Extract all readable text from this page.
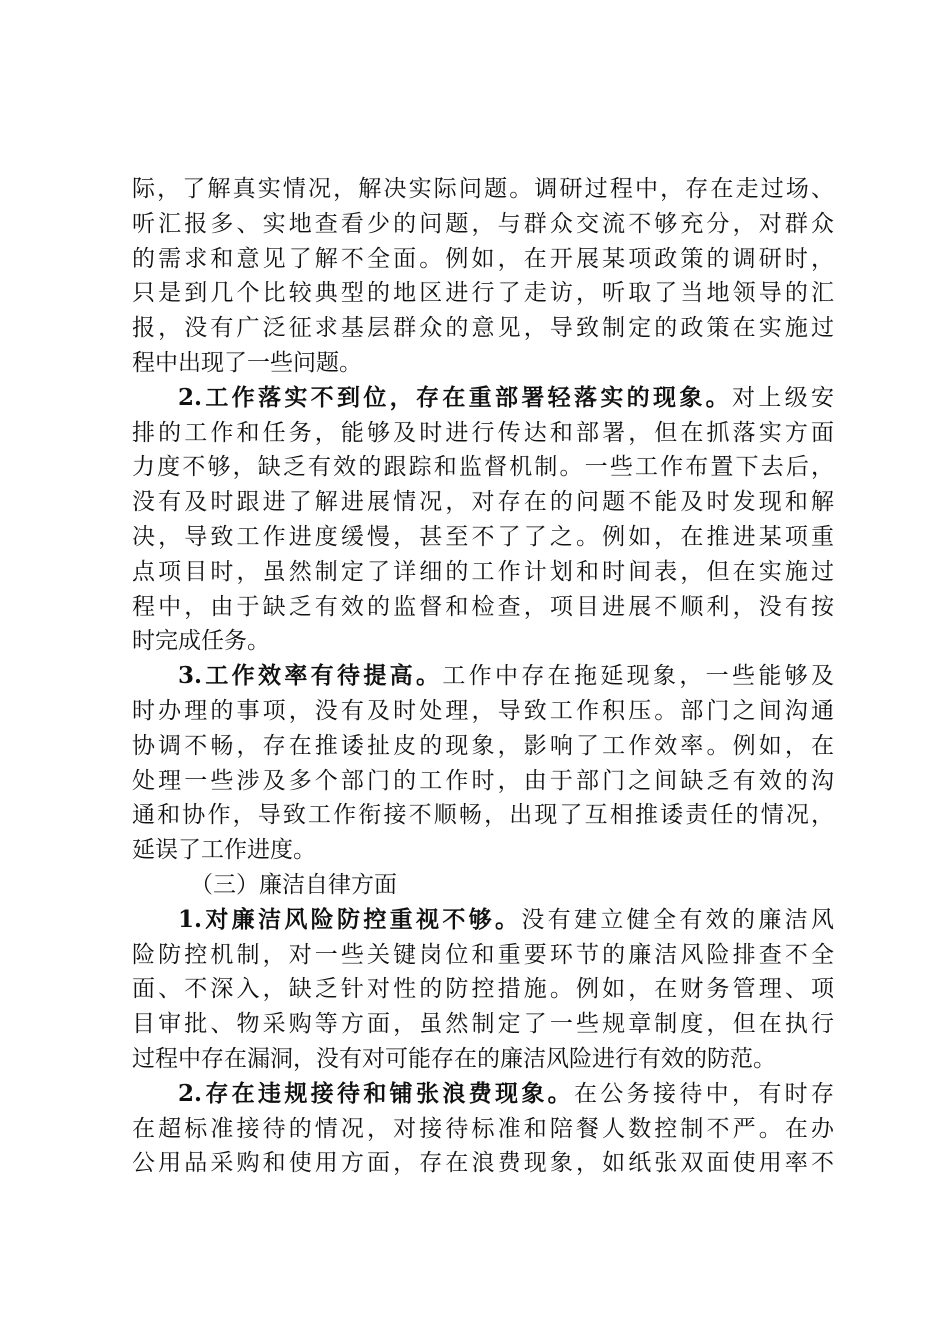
际，了解真实情况，解决实际问题。调研过程中，存在走过场、
听汇报多、实地查看少的问题，与群众交流不够充分，对群众
的需求和意见了解不全面。例如，在开展某项政策的调研时，
只是到几个比较典型的地区进行了走访，听取了当地领导的汇
报，没有广泛征求基层群众的意见，导致制定的政策在实施过
程中出现了一些问题。
2.工作落实不到位，存在重部署轻落实的现象。对上级安
排的工作和任务，能够及时进行传达和部署，但在抓落实方面
力度不够，缺乏有效的跟踪和监督机制。一些工作布置下去后，
没有及时跟进了解进展情况，对存在的问题不能及时发现和解
决，导致工作进度缓慢，甚至不了了之。例如，在推进某项重
点项目时，虽然制定了详细的工作计划和时间表，但在实施过
程中，由于缺乏有效的监督和检查，项目进展不顺利，没有按
时完成任务。
3.工作效率有待提高。工作中存在拖延现象，一些能够及
时办理的事项，没有及时处理，导致工作积压。部门之间沟通
协调不畅，存在推诿扯皮的现象，影响了工作效率。例如，在
处理一些涉及多个部门的工作时，由于部门之间缺乏有效的沟
通和协作，导致工作衔接不顺畅，出现了互相推诿责任的情况，
延误了工作进度。
（三）廉洁自律方面
1.对廉洁风险防控重视不够。没有建立健全有效的廉洁风
险防控机制，对一些关键岗位和重要环节的廉洁风险排查不全
面、不深入，缺乏针对性的防控措施。例如，在财务管理、项
目审批、物采购等方面，虽然制定了一些规章制度，但在执行
过程中存在漏洞，没有对可能存在的廉洁风险进行有效的防范。
2.存在违规接待和铺张浪费现象。在公务接待中，有时存
在超标准接待的情况，对接待标准和陪餐人数控制不严。在办
公用品采购和使用方面，存在浪费现象，如纸张双面使用率不
